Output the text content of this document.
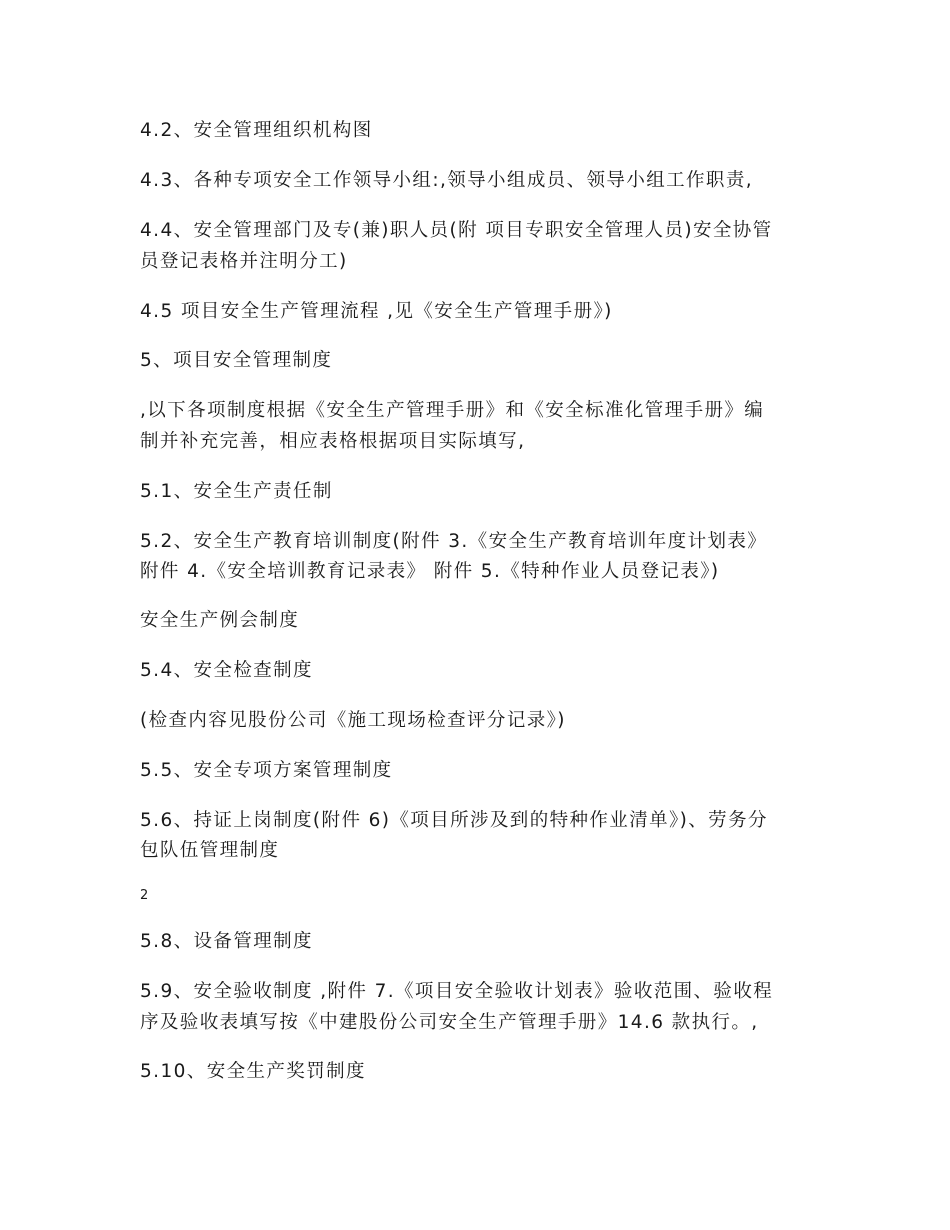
4.2、安全管理组织机构图
4.3、各种专项安全工作领导小组:,领导小组成员、领导小组工作职责,
4.4、安全管理部门及专(兼)职人员(附 项目专职安全管理人员)安全协管
员登记表格并注明分工)
4.5 项目安全生产管理流程 ,见《安全生产管理手册》)
5、项目安全管理制度
,以下各项制度根据《安全生产管理手册》和《安全标准化管理手册》编
制并补充完善，相应表格根据项目实际填写,
5.1、安全生产责任制
5.2、安全生产教育培训制度(附件 3.《安全生产教育培训年度计划表》
附件 4.《安全培训教育记录表》 附件 5.《特种作业人员登记表》)
安全生产例会制度
5.4、安全检查制度
(检查内容见股份公司《施工现场检查评分记录》)
5.5、安全专项方案管理制度
5.6、持证上岗制度(附件 6)《项目所涉及到的特种作业清单》)、劳务分
包队伍管理制度
2
5.8、设备管理制度
5.9、安全验收制度 ,附件 7.《项目安全验收计划表》验收范围、验收程
序及验收表填写按《中建股份公司安全生产管理手册》14.6 款执行。,
5.10、安全生产奖罚制度
